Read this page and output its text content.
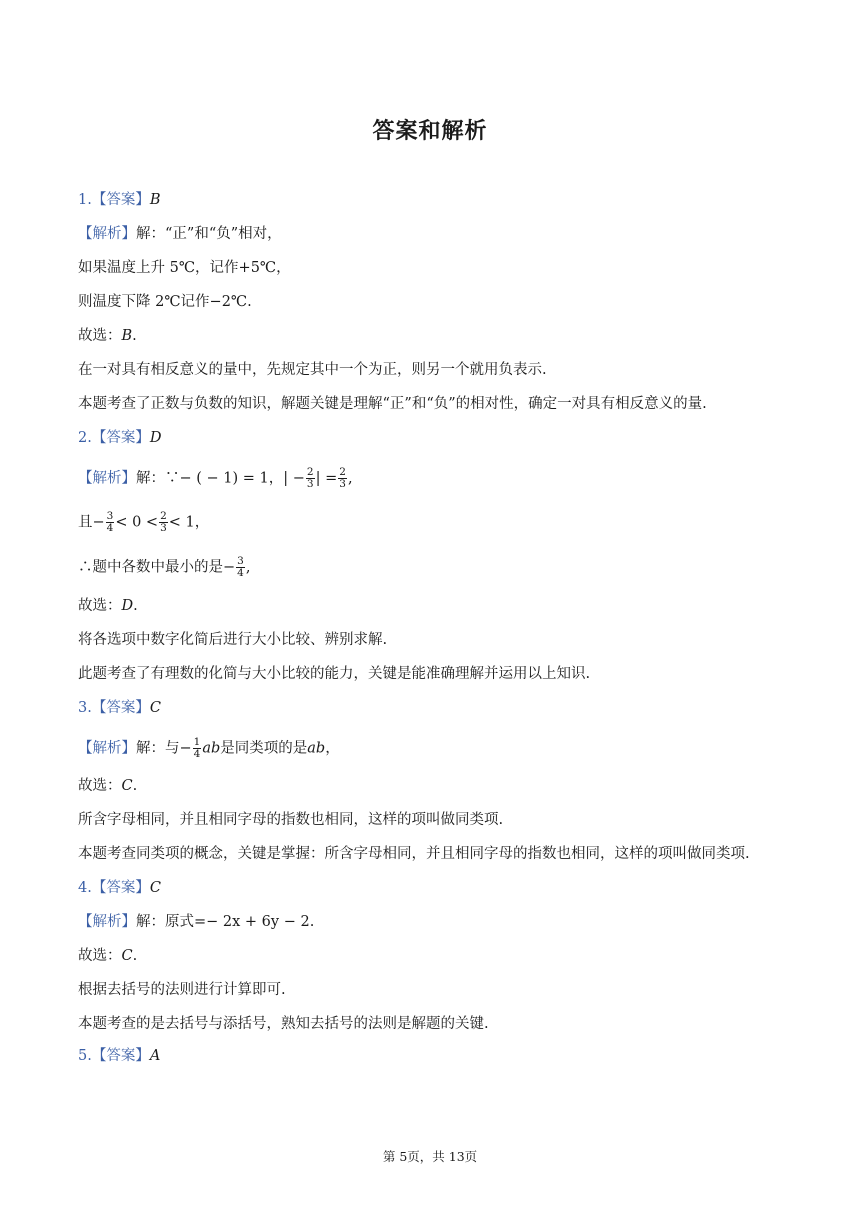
答案和解析
1.【答案】B
【解析】解：“正”和“负”相对，
如果温度上升 5℃，记作+5℃，
则温度下降 2℃记作−2℃.
故选：B.
在一对具有相反意义的量中，先规定其中一个为正，则另一个就用负表示.
本题考查了正数与负数的知识，解题关键是理解“正”和“负”的相对性，确定一对具有相反意义的量.
2.【答案】D
【解析】解：∵− ( − 1) = 1，| − $\frac{2}{3}$ | = $\frac{2}{3}$ ,
且− $\frac{3}{4} < 0 < \frac{2}{3} < 1$，
∴题中各数中最小的是− $\frac{3}{4}$ ,
故选：D.
将各选项中数字化简后进行大小比较、辨别求解.
此题考查了有理数的化简与大小比较的能力，关键是能准确理解并运用以上知识.
3.【答案】C
【解析】解：与− $\frac{1}{4}$ ab是同类项的是ab，
故选：C.
所含字母相同，并且相同字母的指数也相同，这样的项叫做同类项.
本题考查同类项的概念，关键是掌握：所含字母相同，并且相同字母的指数也相同，这样的项叫做同类项.
4.【答案】C
【解析】解：原式=− 2x + 6y − 2.
故选：C.
根据去括号的法则进行计算即可.
本题考查的是去括号与添括号，熟知去括号的法则是解题的关键.
5.【答案】A
第 5页，共 13页
